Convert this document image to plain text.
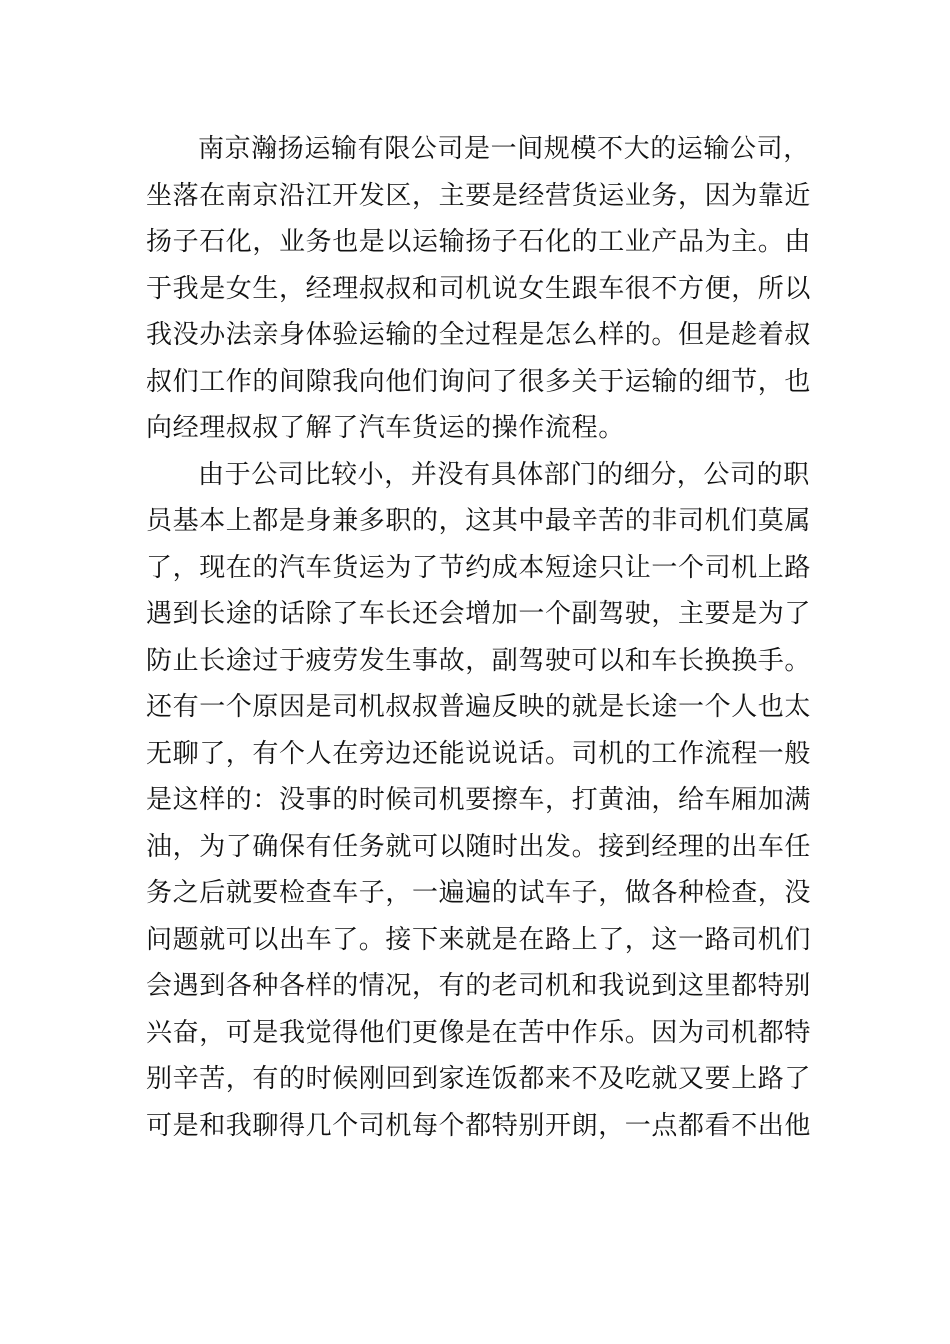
南京瀚扬运输有限公司是一间规模不大的运输公司，
坐落在南京沿江开发区，主要是经营货运业务，因为靠近
扬子石化，业务也是以运输扬子石化的工业产品为主。由
于我是女生，经理叔叔和司机说女生跟车很不方便，所以
我没办法亲身体验运输的全过程是怎么样的。但是趁着叔
叔们工作的间隙我向他们询问了很多关于运输的细节，也
向经理叔叔了解了汽车货运的操作流程。
由于公司比较小，并没有具体部门的细分，公司的职
员基本上都是身兼多职的，这其中最辛苦的非司机们莫属
了，现在的汽车货运为了节约成本短途只让一个司机上路
遇到长途的话除了车长还会增加一个副驾驶，主要是为了
防止长途过于疲劳发生事故，副驾驶可以和车长换换手。
还有一个原因是司机叔叔普遍反映的就是长途一个人也太
无聊了，有个人在旁边还能说说话。司机的工作流程一般
是这样的：没事的时候司机要擦车，打黄油，给车厢加满
油，为了确保有任务就可以随时出发。接到经理的出车任
务之后就要检查车子，一遍遍的试车子，做各种检查，没
问题就可以出车了。接下来就是在路上了，这一路司机们
会遇到各种各样的情况，有的老司机和我说到这里都特别
兴奋，可是我觉得他们更像是在苦中作乐。因为司机都特
别辛苦，有的时候刚回到家连饭都来不及吃就又要上路了
可是和我聊得几个司机每个都特别开朗，一点都看不出他
